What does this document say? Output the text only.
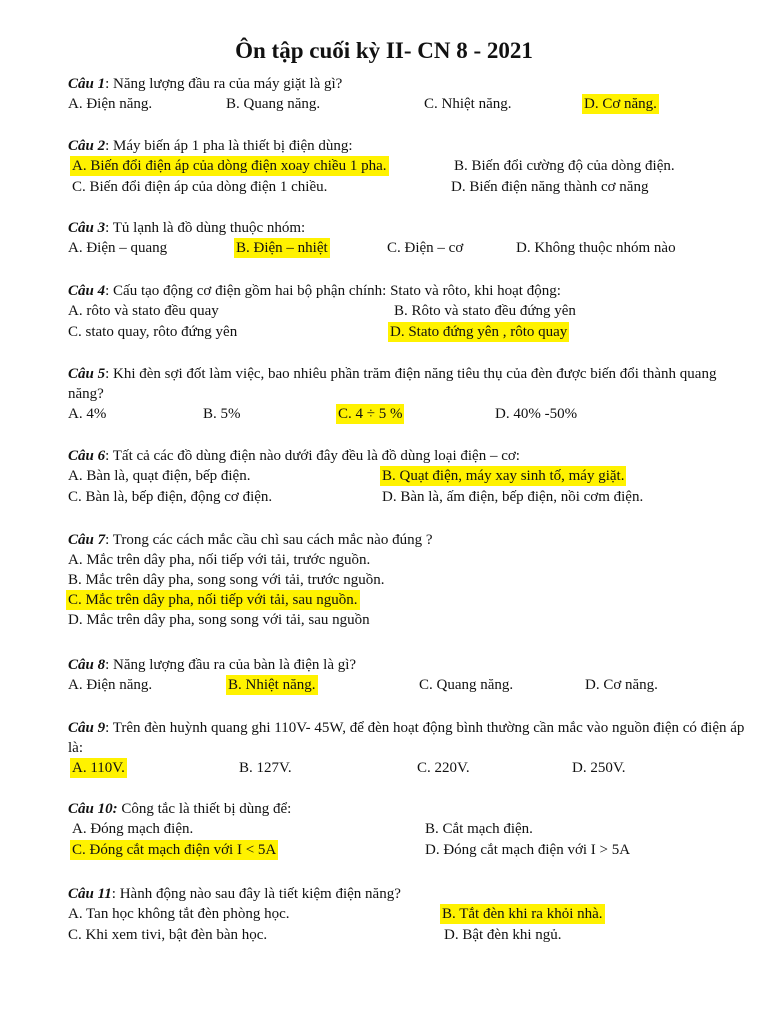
Ôn tập cuối kỳ II- CN 8 - 2021
Câu 1: Năng lượng đầu ra của máy giặt là gì?
A. Điện năng.	B. Quang năng.	C. Nhiệt năng.	D. Cơ năng.
Câu 2: Máy biến áp 1 pha là thiết bị điện dùng:
A. Biến đổi điện áp của dòng điện xoay chiều 1 pha.	B. Biến đổi cường độ của dòng điện.
C. Biến đổi điện áp của dòng điện 1 chiều.	D. Biến điện năng thành cơ năng
Câu 3: Tủ lạnh là đồ dùng thuộc nhóm:
A. Điện – quang	B. Điện – nhiệt	C. Điện – cơ	D. Không thuộc nhóm nào
Câu 4: Cấu tạo động cơ điện gồm hai bộ phận chính: Stato và rôto, khi hoạt động:
A. rôto và stato đều quay	B. Rôto và stato đều đứng yên
C. stato quay, rôto đứng yên	D. Stato đứng yên , rôto quay
Câu 5: Khi đèn sợi đốt làm việc, bao nhiêu phần trăm điện năng tiêu thụ của đèn được biến đổi thành quang năng?
A. 4%	B. 5%	C. 4 ÷ 5 %	D. 40% -50%
Câu 6: Tất cả các đồ dùng điện nào dưới đây đều là đồ dùng loại điện – cơ:
A. Bàn là, quạt điện, bếp điện.	B. Quạt điện, máy xay sinh tố, máy giặt.
C. Bàn là, bếp điện, động cơ điện.	D. Bàn là, ấm điện, bếp điện, nồi cơm điện.
Câu 7: Trong các cách mắc cầu chì sau cách mắc nào đúng ?
A. Mắc trên dây pha, nối tiếp với tải, trước nguồn.
B. Mắc trên dây pha, song song với tải, trước nguồn.
C. Mắc trên dây pha, nối tiếp với tải, sau nguồn.
D. Mắc trên dây pha, song song với tải, sau nguồn
Câu 8: Năng lượng đầu ra của bàn là điện là gì?
A. Điện năng.	B. Nhiệt năng.	C. Quang năng.	D. Cơ năng.
Câu 9: Trên đèn huỳnh quang ghi 110V- 45W, để đèn hoạt động bình thường cần mắc vào nguồn điện có điện áp là:
A. 110V.	B. 127V.	C. 220V.	D. 250V.
Câu 10: Công tắc là thiết bị dùng để:
A. Đóng mạch điện.	B. Cắt mạch điện.
C. Đóng cắt mạch điện với I < 5A	D. Đóng cắt mạch điện với I > 5A
Câu 11: Hành động nào sau đây là tiết kiệm điện năng?
A. Tan học không tắt đèn phòng học.	B. Tắt đèn khi ra khỏi nhà.
C. Khi xem tivi, bật đèn bàn học.	D. Bật đèn khi ngủ.
